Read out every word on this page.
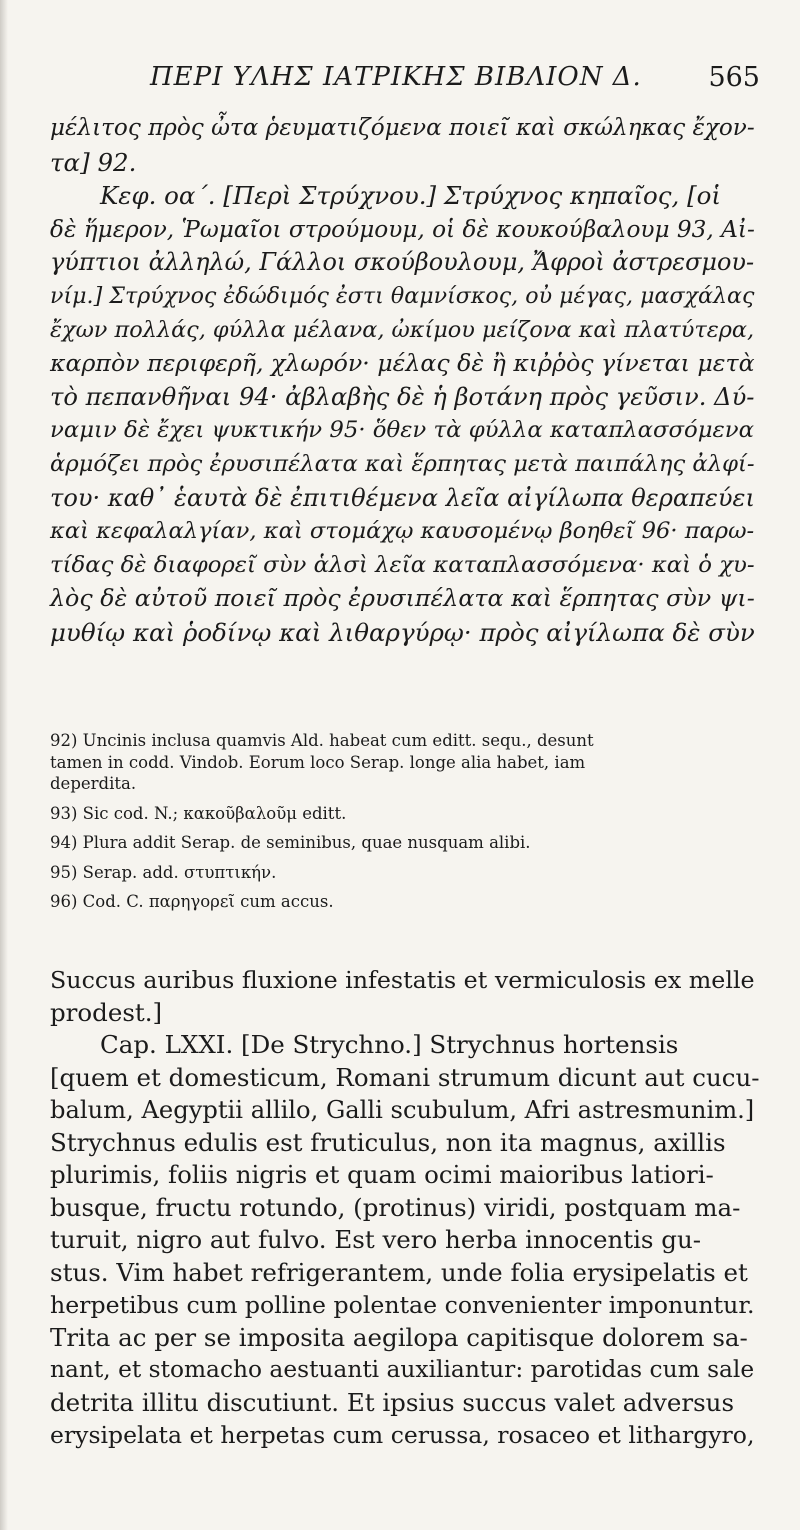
ΠΕΡΙ ΥΛΗΣ ΙΑΤΡΙΚΗΣ ΒΙΒΛΙΟΝ Δ. 565
μέλιτος πρὸς ὦτα ῥευματιζόμενα ποιεῖ καὶ σκώληκας ἔχον-
τα] 92.
Κεφ. οα΄. [Περὶ Στρύχνου.] Στρύχνος κηπαῖος, [οἱ
δὲ ἥμερον, Ῥωμαῖοι στρούμουμ, οἱ δὲ κουκούβαλουμ 93, Αἰ-
γύπτιοι ἀλληλώ, Γάλλοι σκούβουλουμ, Ἄφροὶ ἀστρεσμου-
νίμ.] Στρύχνος ἐδώδιμός ἐστι θαμνίσκος, οὐ μέγας, μασχάλας
ἔχων πολλάς, φύλλα μέλανα, ὠκίμου μείζονα καὶ πλατύτερα,
καρπὸν περιφερῆ, χλωρόν· μέλας δὲ ἢ κιῤῥὸς γίνεται μετὰ
τὸ πεπανθῆναι 94· ἀβλαβὴς δὲ ἡ βοτάνη πρὸς γεῦσιν. Δύ-
ναμιν δὲ ἔχει ψυκτικήν 95· ὅθεν τὰ φύλλα καταπλασσόμενα
ἁρμόζει πρὸς ἐρυσιπέλατα καὶ ἕρπητας μετὰ παιπάλης ἀλφί-
του· καθ᾽ ἑαυτὰ δὲ ἐπιτιθέμενα λεῖα αἰγίλωπα θεραπεύει
καὶ κεφαλαλγίαν, καὶ στομάχῳ καυσομένῳ βοηθεῖ 96· παρω-
τίδας δὲ διαφορεῖ σὺν ἁλσὶ λεῖα καταπλασσόμενα· καὶ ὁ χυ-
λὸς δὲ αὐτοῦ ποιεῖ πρὸς ἐρυσιπέλατα καὶ ἕρπητας σὺν ψι-
μυθίῳ καὶ ῥοδίνῳ καὶ λιθαργύρῳ· πρὸς αἰγίλωπα δὲ σὺν
92) Uncinis inclusa quamvis Ald. habeat cum editt. sequ., desunt
tamen in codd. Vindob. Eorum loco Serap. longe alia habet, iam
deperdita.
93) Sic cod. N.; κακοῦβαλοῦμ editt.
94) Plura addit Serap. de seminibus, quae nusquam alibi.
95) Serap. add. στυπτικήν.
96) Cod. C. παρηγορεῖ cum accus.
Succus auribus fluxione infestatis et vermiculosis ex melle
prodest.]
Cap. LXXI. [De Strychno.] Strychnus hortensis
[quem et domesticum, Romani strumum dicunt aut cucu-
balum, Aegyptii allilo, Galli scubulum, Afri astresmunim.]
Strychnus edulis est fruticulus, non ita magnus, axillis
plurimis, foliis nigris et quam ocimi maioribus latiori-
busque, fructu rotundo, (protinus) viridi, postquam ma-
turuit, nigro aut fulvo. Est vero herba innocentis gu-
stus. Vim habet refrigerantem, unde folia erysipelatis et
herpetibus cum polline polentae convenienter imponuntur.
Trita ac per se imposita aegilopa capitisque dolorem sa-
nant, et stomacho aestuanti auxiliantur: parotidas cum sale
detrita illitu discutiunt. Et ipsius succus valet adversus
erysipelata et herpetas cum cerussa, rosaceo et lithargyro,
